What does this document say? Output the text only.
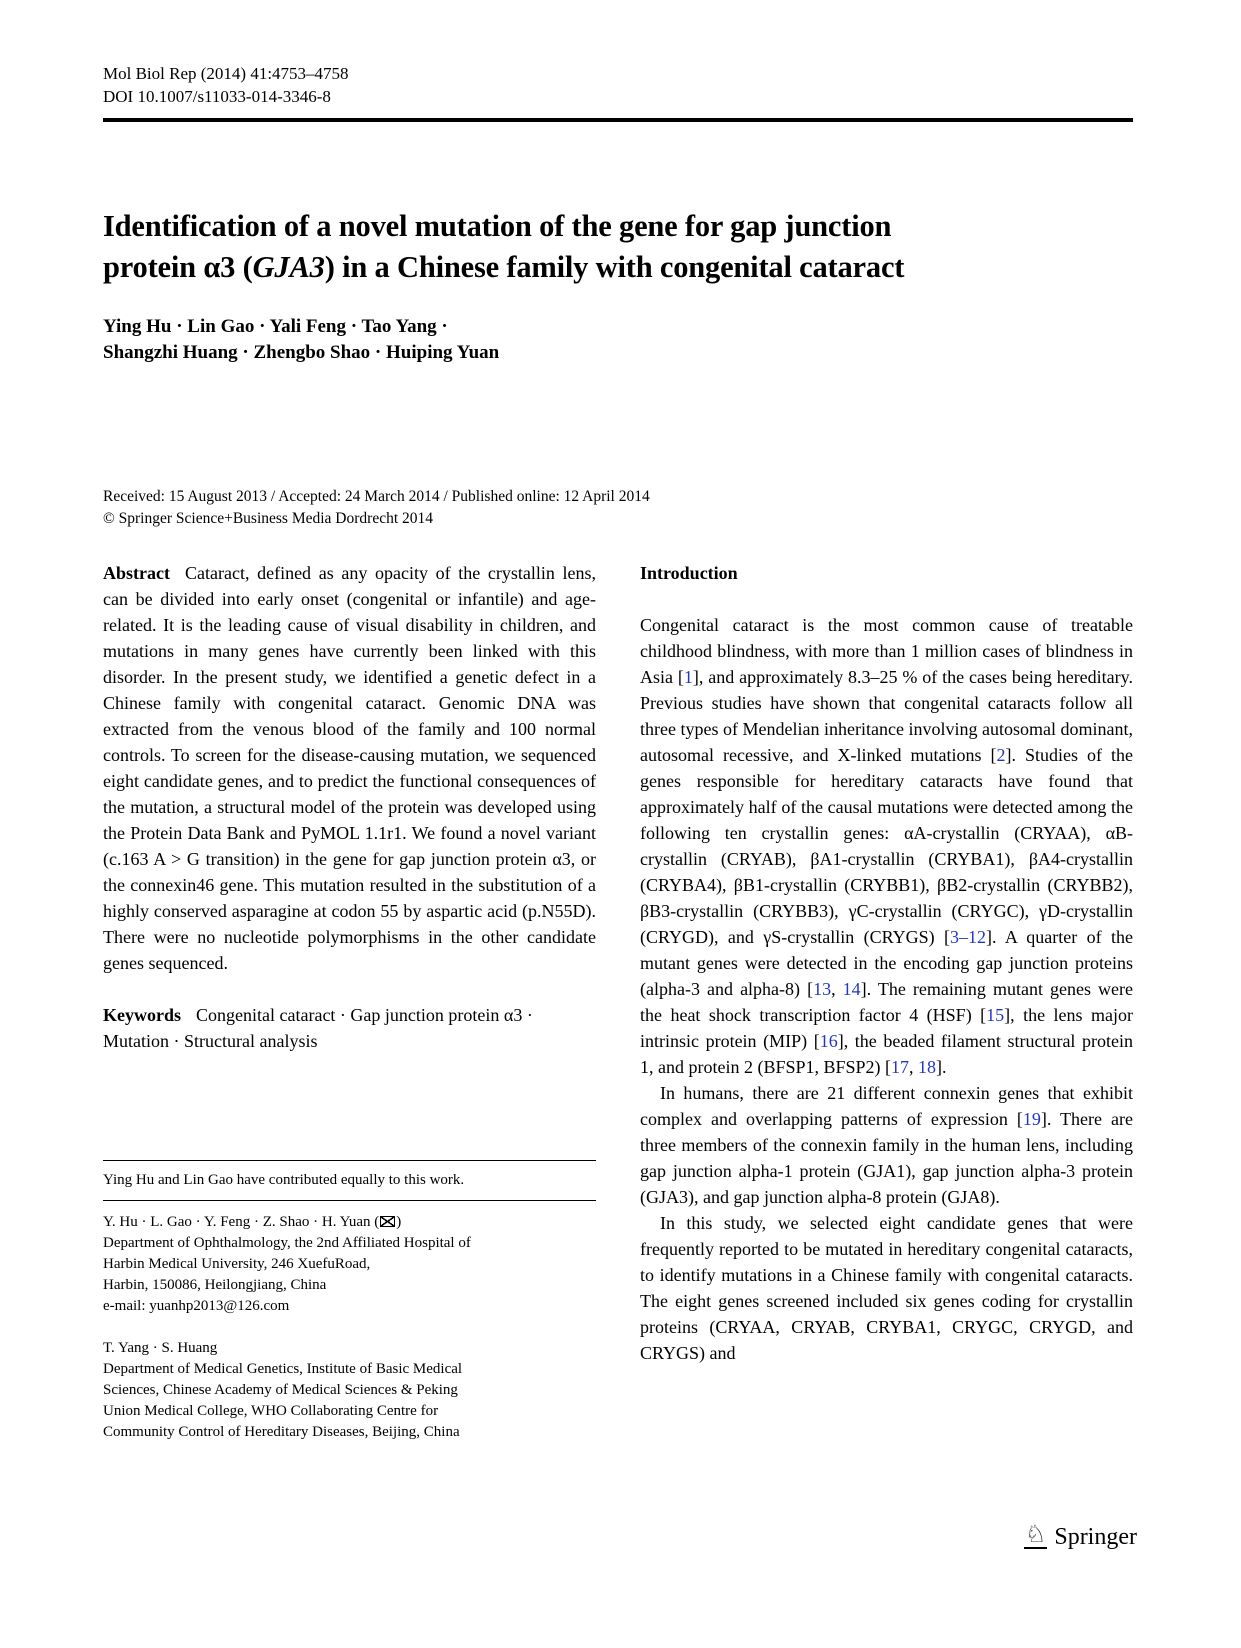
Mol Biol Rep (2014) 41:4753–4758
DOI 10.1007/s11033-014-3346-8
Identification of a novel mutation of the gene for gap junction
protein α3 (GJA3) in a Chinese family with congenital cataract
Ying Hu · Lin Gao · Yali Feng · Tao Yang ·
Shangzhi Huang · Zhengbo Shao · Huiping Yuan
Received: 15 August 2013 / Accepted: 24 March 2014 / Published online: 12 April 2014
© Springer Science+Business Media Dordrecht 2014

Abstract Cataract, defined as any opacity of the crystallin lens, can be divided into early onset (congenital or infantile) and age-related. It is the leading cause of visual disability in children, and mutations in many genes have currently been linked with this disorder. In the present study, we identified a genetic defect in a Chinese family with congenital cataract. Genomic DNA was extracted from the venous blood of the family and 100 normal controls. To screen for the disease-causing mutation, we sequenced eight candidate genes, and to predict the functional consequences of the mutation, a structural model of the protein was developed using the Protein Data Bank and PyMOL 1.1r1. We found a novel variant (c.163 A > G transition) in the gene for gap junction protein α3, or the connexin46 gene. This mutation resulted in the substitution of a highly conserved asparagine at codon 55 by aspartic acid (p.N55D). There were no nucleotide polymorphisms in the other candidate genes sequenced.

Keywords Congenital cataract · Gap junction protein α3 · Mutation · Structural analysis

Ying Hu and Lin Gao have contributed equally to this work.

Y. Hu · L. Gao · Y. Feng · Z. Shao · H. Yuan ( )
Department of Ophthalmology, the 2nd Affiliated Hospital of
Harbin Medical University, 246 XuefuRoad,
Harbin, 150086, Heilongjiang, China
e-mail: yuanhp2013@126.com
T. Yang · S. Huang
Department of Medical Genetics, Institute of Basic Medical
Sciences, Chinese Academy of Medical Sciences & Peking
Union Medical College, WHO Collaborating Centre for
Community Control of Hereditary Diseases, Beijing, China
Introduction

Congenital cataract is the most common cause of treatable childhood blindness, with more than 1 million cases of blindness in Asia [1], and approximately 8.3–25 % of the cases being hereditary. Previous studies have shown that congenital cataracts follow all three types of Mendelian inheritance involving autosomal dominant, autosomal recessive, and X-linked mutations [2]. Studies of the genes responsible for hereditary cataracts have found that approximately half of the causal mutations were detected among the following ten crystallin genes: αA-crystallin (CRYAA), αB-crystallin (CRYAB), βA1-crystallin (CRYBA1), βA4-crystallin (CRYBA4), βB1-crystallin (CRYBB1), βB2-crystallin (CRYBB2), βB3-crystallin (CRYBB3), γC-crystallin (CRYGC), γD-crystallin (CRYGD), and γS-crystallin (CRYGS) [3–12]. A quarter of the mutant genes were detected in the encoding gap junction proteins (alpha-3 and alpha-8) [13, 14]. The remaining mutant genes were the heat shock transcription factor 4 (HSF) [15], the lens major intrinsic protein (MIP) [16], the beaded filament structural protein 1, and protein 2 (BFSP1, BFSP2) [17, 18].

In humans, there are 21 different connexin genes that exhibit complex and overlapping patterns of expression [19]. There are three members of the connexin family in the human lens, including gap junction alpha-1 protein (GJA1), gap junction alpha-3 protein (GJA3), and gap junction alpha-8 protein (GJA8).

In this study, we selected eight candidate genes that were frequently reported to be mutated in hereditary congenital cataracts, to identify mutations in a Chinese family with congenital cataracts. The eight genes screened included six genes coding for crystallin proteins (CRYAA, CRYAB, CRYBA1, CRYGC, CRYGD, and CRYGS) and

♘ Springer
